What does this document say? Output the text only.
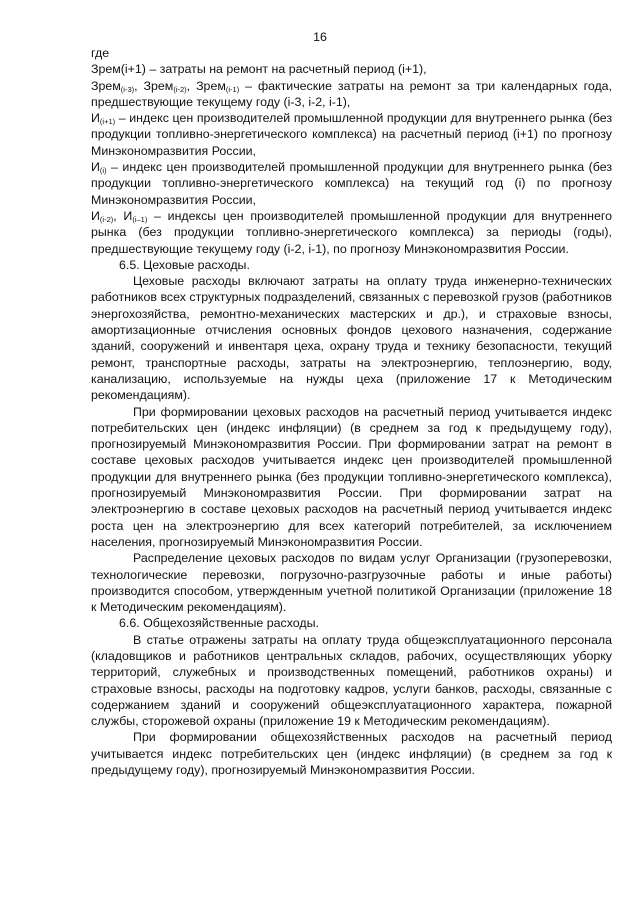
16

где

Зрем(i+1) – затраты на ремонт на расчетный период (i+1),

Зрем$_{(i-3)}$, Зрем$_{(i-2)}$, Зрем$_{(i-1)}$ – фактические затраты на ремонт за три календарных года, предшествующие текущему году (i-3, i-2, i-1),

$И_{(i+1)}$ – индекс цен производителей промышленной продукции для внутреннего рынка (без продукции топливно-энергетического комплекса) на расчетный период (i+1) по прогнозу Минэкономразвития России,

$И_{(i)}$ – индекс цен производителей промышленной продукции для внутреннего рынка (без продукции топливно-энергетического комплекса) на текущий год (i) по прогнозу Минэкономразвития России,

$И_{(i-2)}$, $И_{(i-1)}$ – индексы цен производителей промышленной продукции для внутреннего рынка (без продукции топливно-энергетического комплекса) за периоды (годы), предшествующие текущему году (i-2, i-1), по прогнозу Минэкономразвития России.

6.5. Цеховые расходы.

Цеховые расходы включают затраты на оплату труда инженерно-технических работников всех структурных подразделений, связанных с перевозкой грузов (работников энергохозяйства, ремонтно-механических мастерских и др.), и страховые взносы, амортизационные отчисления основных фондов цехового назначения, содержание зданий, сооружений и инвентаря цеха, охрану труда и технику безопасности, текущий ремонт, транспортные расходы, затраты на электроэнергию, теплоэнергию, воду, канализацию, используемые на нужды цеха (приложение 17 к Методическим рекомендациям).

При формировании цеховых расходов на расчетный период учитывается индекс потребительских цен (индекс инфляции) (в среднем за год к предыдущему году), прогнозируемый Минэкономразвития России. При формировании затрат на ремонт в составе цеховых расходов учитывается индекс цен производителей промышленной продукции для внутреннего рынка (без продукции топливно-энергетического комплекса), прогнозируемый Минэкономразвития России. При формировании затрат на электроэнергию в составе цеховых расходов на расчетный период учитывается индекс роста цен на электроэнергию для всех категорий потребителей, за исключением населения, прогнозируемый Минэкономразвития России.

Распределение цеховых расходов по видам услуг Организации (грузоперевозки, технологические перевозки, погрузочно-разгрузочные работы и иные работы) производится способом, утвержденным учетной политикой Организации (приложение 18 к Методическим рекомендациям).

6.6. Общехозяйственные расходы.

В статье отражены затраты на оплату труда общеэксплуатационного персонала (кладовщиков и работников центральных складов, рабочих, осуществляющих уборку территорий, служебных и производственных помещений, работников охраны) и страховые взносы, расходы на подготовку кадров, услуги банков, расходы, связанные с содержанием зданий и сооружений общеэксплуатационного характера, пожарной службы, сторожевой охраны (приложение 19 к Методическим рекомендациям).

При формировании общехозяйственных расходов на расчетный период учитывается индекс потребительских цен (индекс инфляции) (в среднем за год к предыдущему году), прогнозируемый Минэкономразвития России.
